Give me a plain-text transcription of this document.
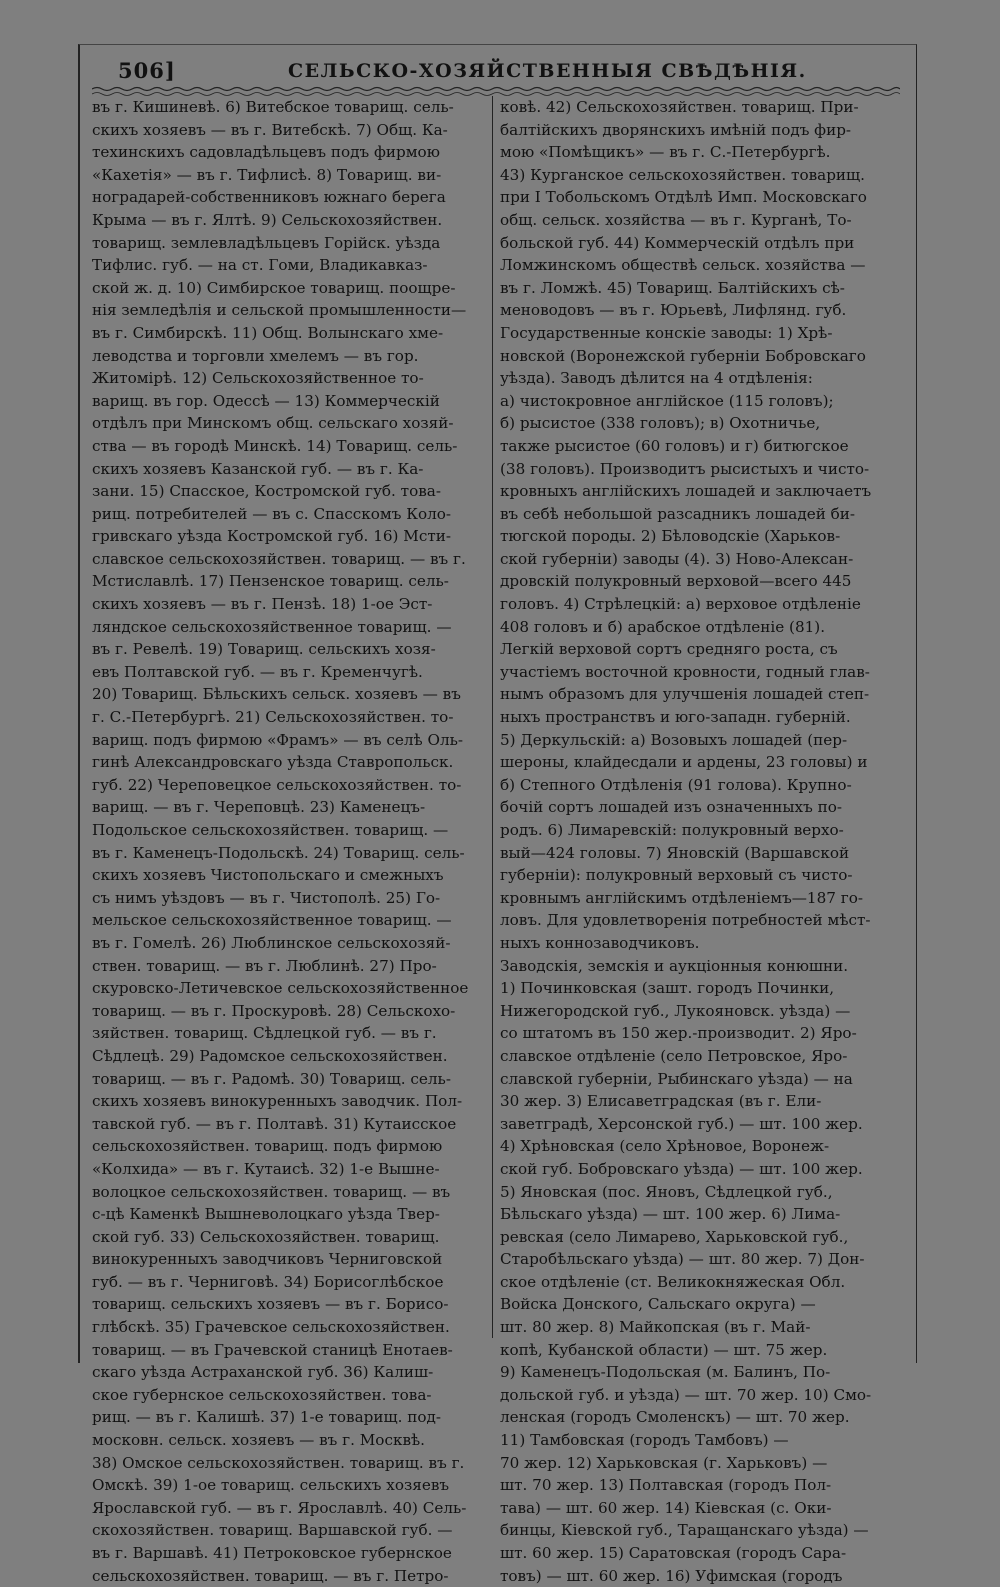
506]	СЕЛЬСКО-ХОЗЯЙСТВЕННЫЯ СВѢДѢНІЯ.
въ г. Кишиневѣ. 6) Витебское товарищ. сель-
скихъ хозяевъ — въ г. Витебскѣ. 7) Общ. Ка-
техинскихъ садовладѣльцевъ подъ фирмою
«Кахетія» — въ г. Тифлисѣ. 8) Товарищ. ви-
ноградарей-собственниковъ южнаго берега
Крыма — въ г. Ялтѣ. 9) Сельскохозяйствен.
товарищ. землевладѣльцевъ Горійск. уѣзда
Тифлис. губ. — на ст. Гоми, Владикавказ-
ской ж. д. 10) Симбирское товарищ. поощре-
нія земледѣлія и сельской промышленности—
въ г. Симбирскѣ. 11) Общ. Волынскаго хме-
леводства и торговли хмелемъ — въ гор.
Житомірѣ. 12) Сельскохозяйственное то-
варищ. въ гор. Одессѣ — 13) Коммерческій
отдѣлъ при Минскомъ общ. сельскаго хозяй-
ства — въ городѣ Минскѣ. 14) Товарищ. сель-
скихъ хозяевъ Казанской губ. — въ г. Ка-
зани. 15) Спасское, Костромской губ. това-
рищ. потребителей — въ с. Спасскомъ Коло-
гривскаго уѣзда Костромской губ. 16) Мсти-
славское сельскохозяйствен. товарищ. — въ г.
Мстиславлѣ. 17) Пензенское товарищ. сель-
скихъ хозяевъ — въ г. Пензѣ. 18) 1-ое Эст-
ляндское сельскохозяйственное товарищ. —
въ г. Ревелѣ. 19) Товарищ. сельскихъ хозя-
евъ Полтавской губ. — въ г. Кременчугѣ.
20) Товарищ. Бѣльскихъ сельск. хозяевъ — въ
г. С.-Петербургѣ. 21) Сельскохозяйствен. то-
варищ. подъ фирмою «Фрамъ» — въ селѣ Оль-
гинѣ Александровскаго уѣзда Ставропольск.
губ. 22) Череповецкое сельскохозяйствен. то-
варищ. — въ г. Череповцѣ. 23) Каменецъ-
Подольское сельскохозяйствен. товарищ. —
въ г. Каменецъ-Подольскѣ. 24) Товарищ. сель-
скихъ хозяевъ Чистопольскаго и смежныхъ
съ нимъ уѣздовъ — въ г. Чистополѣ. 25) Го-
мельское сельскохозяйственное товарищ. —
въ г. Гомелѣ. 26) Люблинское сельскохозяй-
ствен. товарищ. — въ г. Люблинѣ. 27) Про-
скуровско-Летичевское сельскохозяйственное
товарищ. — въ г. Проскуровѣ. 28) Сельскохо-
зяйствен. товарищ. Сѣдлецкой губ. — въ г.
Сѣдлецѣ. 29) Радомское сельскохозяйствен.
товарищ. — въ г. Радомѣ. 30) Товарищ. сель-
скихъ хозяевъ винокуренныхъ заводчик. Пол-
тавской губ. — въ г. Полтавѣ. 31) Кутаисское
сельскохозяйствен. товарищ. подъ фирмою
«Колхида» — въ г. Кутаисѣ. 32) 1-е Вышне-
волоцкое сельскохозяйствен. товарищ. — въ
с-цѣ Каменкѣ Вышневолоцкаго уѣзда Твер-
ской губ. 33) Сельскохозяйствен. товарищ.
винокуренныхъ заводчиковъ Черниговской
губ. — въ г. Черниговѣ. 34) Борисоглѣбское
товарищ. сельскихъ хозяевъ — въ г. Борисо-
глѣбскѣ. 35) Грачевское сельскохозяйствен.
товарищ. — въ Грачевской станицѣ Енотаев-
скаго уѣзда Астраханской губ. 36) Калиш-
ское губернское сельскохозяйствен. това-
рищ. — въ г. Калишѣ. 37) 1-е товарищ. под-
московн. сельск. хозяевъ — въ г. Москвѣ.
38) Омское сельскохозяйствен. товарищ. въ г.
Омскѣ. 39) 1-ое товарищ. сельскихъ хозяевъ
Ярославской губ. — въ г. Ярославлѣ. 40) Сель-
скохозяйствен. товарищ. Варшавской губ. —
въ г. Варшавѣ. 41) Петроковское губернское
сельскохозяйствен. товарищ. — въ г. Петро-
ковѣ. 42) Сельскохозяйствен. товарищ. При-
балтійскихъ дворянскихъ имѣній подъ фир-
мою «Помѣщикъ» — въ г. С.-Петербургѣ.
43) Курганское сельскохозяйствен. товарищ.
при I Тобольскомъ Отдѣлѣ Имп. Московскаго
общ. сельск. хозяйства — въ г. Курганѣ, То-
больской губ. 44) Коммерческій отдѣлъ при
Ломжинскомъ обществѣ сельск. хозяйства —
въ г. Ломжѣ. 45) Товарищ. Балтійскихъ сѣ-
меноводовъ — въ г. Юрьевѣ, Лифлянд. губ.
Государственные конскіе заводы: 1) Хрѣ-
новской (Воронежской губерніи Бобровскаго
уѣзда). Заводъ дѣлится на 4 отдѣленія:
а) чистокровное англійское (115 головъ);
б) рысистое (338 головъ); в) Охотничье,
также рысистое (60 головъ) и г) битюгское
(38 головъ). Производитъ рысистыхъ и чисто-
кровныхъ англійскихъ лошадей и заключаетъ
въ себѣ небольшой разсадникъ лошадей би-
тюгской породы. 2) Бѣловодскіе (Харьков-
ской губерніи) заводы (4). 3) Ново-Алексан-
дровскій полукровный верховой—всего 445
головъ. 4) Стрѣлецкій: а) верховое отдѣленіе
408 головъ и б) арабское отдѣленіе (81).
Легкій верховой сортъ средняго роста, съ
участіемъ восточной кровности, годный глав-
нымъ образомъ для улучшенія лошадей степ-
ныхъ пространствъ и юго-западн. губерній.
5) Деркульскій: а) Возовыхъ лошадей (пер-
шероны, клайдесдали и ардены, 23 головы) и
б) Степного Отдѣленія (91 голова). Крупно-
бочій сортъ лошадей изъ означенныхъ по-
родъ. 6) Лимаревскій: полукровный верхо-
вый—424 головы. 7) Яновскій (Варшавской
губерніи): полукровный верховый съ чисто-
кровнымъ англійскимъ отдѣленіемъ—187 го-
ловъ. Для удовлетворенія потребностей мѣст-
ныхъ коннозаводчиковъ.
Заводскія, земскія и аукціонныя конюшни.
1) Починковская (зашт. городъ Починки,
Нижегородской губ., Лукояновск. уѣзда) —
со штатомъ въ 150 жер.-производит. 2) Яро-
славское отдѣленіе (село Петровское, Яро-
славской губерніи, Рыбинскаго уѣзда) — на
30 жер. 3) Елисаветградская (въ г. Ели-
заветградѣ, Херсонской губ.) — шт. 100 жер.
4) Хрѣновская (село Хрѣновое, Воронеж-
ской губ. Бобровскаго уѣзда) — шт. 100 жер.
5) Яновская (пос. Яновъ, Сѣдлецкой губ.,
Бѣльскаго уѣзда) — шт. 100 жер. 6) Лима-
ревская (село Лимарево, Харьковской губ.,
Старобѣльскаго уѣзда) — шт. 80 жер. 7) Дон-
ское отдѣленіе (ст. Великокняжеская Обл.
Войска Донского, Сальскаго округа) —
шт. 80 жер. 8) Майкопская (въ г. Май-
копѣ, Кубанской области) — шт. 75 жер.
9) Каменецъ-Подольская (м. Балинъ, По-
дольской губ. и уѣзда) — шт. 70 жер. 10) Смо-
ленская (городъ Смоленскъ) — шт. 70 жер.
11) Тамбовская (городъ Тамбовъ) —
70 жер. 12) Харьковская (г. Харьковъ) —
шт. 70 жер. 13) Полтавская (городъ Пол-
тава) — шт. 60 жер. 14) Кіевская (с. Оки-
бинцы, Кіевской губ., Таращанскаго уѣзда) —
шт. 60 жер. 15) Саратовская (городъ Сара-
товъ) — шт. 60 жер. 16) Уфимская (городъ
